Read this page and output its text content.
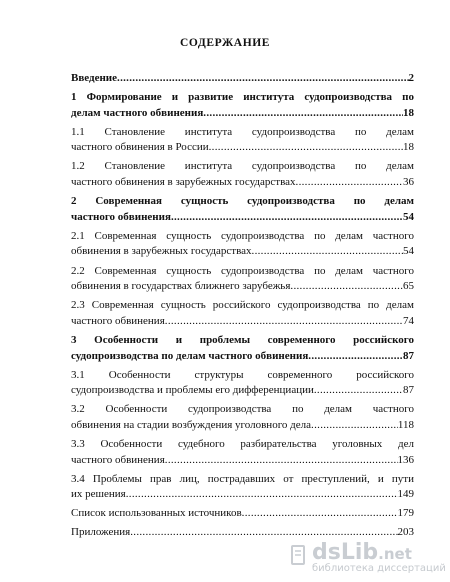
СОДЕРЖАНИЕ
Введение .....	2
1 Формирование и развитие института судопроизводства по
делам частного обвинения .....	18
1.1 Становление института судопроизводства по делам
частного обвинения в России .....	18
1.2 Становление института судопроизводства по делам
частного обвинения в зарубежных государствах .....	36
2 Современная сущность судопроизводства по делам
частного обвинения .....	54
2.1 Современная сущность судопроизводства по делам частного
обвинения в зарубежных государствах .....	54
2.2 Современная сущность судопроизводства по делам частного
обвинения в государствах ближнего зарубежья .....	65
2.3 Современная сущность российского судопроизводства по делам
частного обвинения .....	74
3 Особенности и проблемы современного российского
судопроизводства по делам частного обвинения .....	87
3.1 Особенности структуры современного российского
судопроизводства и проблемы его дифференциации .....	87
3.2 Особенности судопроизводства по делам частного
обвинения на стадии возбуждения уголовного дела .....	118
3.3 Особенности судебного разбирательства уголовных дел
частного обвинения .....	136
3.4 Проблемы прав лиц, пострадавших от преступлений, и пути
их решения .....	149
Список использованных источников .....	179
Приложения .....	203
dsLib.net
библиотека диссертаций
